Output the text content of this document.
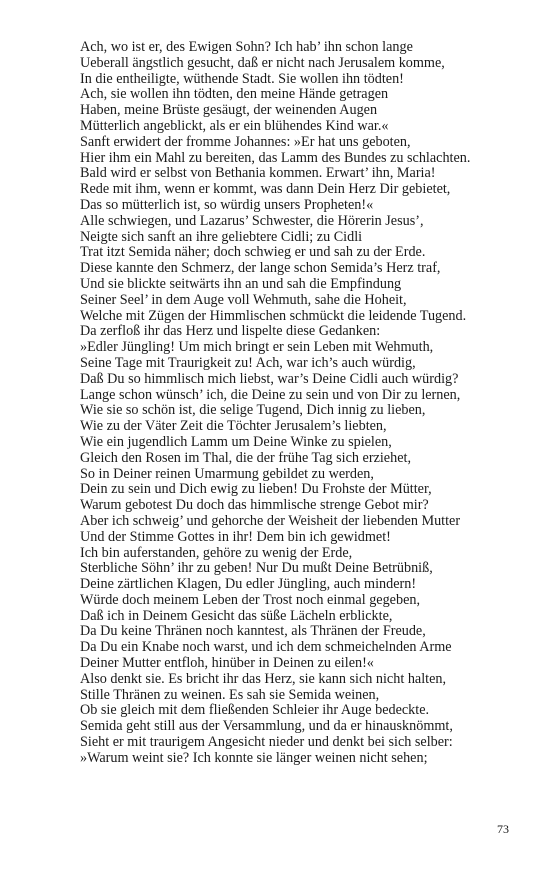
Ach, wo ist er, des Ewigen Sohn? Ich hab’ ihn schon lange
Ueberall ängstlich gesucht, daß er nicht nach Jerusalem komme,
In die entheiligte, wüthende Stadt. Sie wollen ihn tödten!
Ach, sie wollen ihn tödten, den meine Hände getragen
Haben, meine Brüste gesäugt, der weinenden Augen
Mütterlich angeblickt, als er ein blühendes Kind war.«
Sanft erwidert der fromme Johannes: »Er hat uns geboten,
Hier ihm ein Mahl zu bereiten, das Lamm des Bundes zu schlachten.
Bald wird er selbst von Bethania kommen. Erwart’ ihn, Maria!
Rede mit ihm, wenn er kommt, was dann Dein Herz Dir gebietet,
Das so mütterlich ist, so würdig unsers Propheten!«
Alle schwiegen, und Lazarus’ Schwester, die Hörerin Jesus’,
Neigte sich sanft an ihre geliebtere Cidli; zu Cidli
Trat itzt Semida näher; doch schwieg er und sah zu der Erde.
Diese kannte den Schmerz, der lange schon Semida’s Herz traf,
Und sie blickte seitwärts ihn an und sah die Empfindung
Seiner Seel’ in dem Auge voll Wehmuth, sahe die Hoheit,
Welche mit Zügen der Himmlischen schmückt die leidende Tugend.
Da zerfloß ihr das Herz und lispelte diese Gedanken:
»Edler Jüngling! Um mich bringt er sein Leben mit Wehmuth,
Seine Tage mit Traurigkeit zu! Ach, war ich’s auch würdig,
Daß Du so himmlisch mich liebst, war’s Deine Cidli auch würdig?
Lange schon wünsch’ ich, die Deine zu sein und von Dir zu lernen,
Wie sie so schön ist, die selige Tugend, Dich innig zu lieben,
Wie zu der Väter Zeit die Töchter Jerusalem’s liebten,
Wie ein jugendlich Lamm um Deine Winke zu spielen,
Gleich den Rosen im Thal, die der frühe Tag sich erziehet,
So in Deiner reinen Umarmung gebildet zu werden,
Dein zu sein und Dich ewig zu lieben! Du Frohste der Mütter,
Warum gebotest Du doch das himmlische strenge Gebot mir?
Aber ich schweig’ und gehorche der Weisheit der liebenden Mutter
Und der Stimme Gottes in ihr! Dem bin ich gewidmet!
Ich bin auferstanden, gehöre zu wenig der Erde,
Sterbliche Söhn’ ihr zu geben! Nur Du mußt Deine Betrübniß,
Deine zärtlichen Klagen, Du edler Jüngling, auch mindern!
Würde doch meinem Leben der Trost noch einmal gegeben,
Daß ich in Deinem Gesicht das süße Lächeln erblickte,
Da Du keine Thränen noch kanntest, als Thränen der Freude,
Da Du ein Knabe noch warst, und ich dem schmeichelnden Arme
Deiner Mutter entfloh, hinüber in Deinen zu eilen!«
Also denkt sie. Es bricht ihr das Herz, sie kann sich nicht halten,
Stille Thränen zu weinen. Es sah sie Semida weinen,
Ob sie gleich mit dem fließenden Schleier ihr Auge bedeckte.
Semida geht still aus der Versammlung, und da er hinausknömmt,
Sieht er mit traurigem Angesicht nieder und denkt bei sich selber:
»Warum weint sie? Ich konnte sie länger weinen nicht sehen;
73
